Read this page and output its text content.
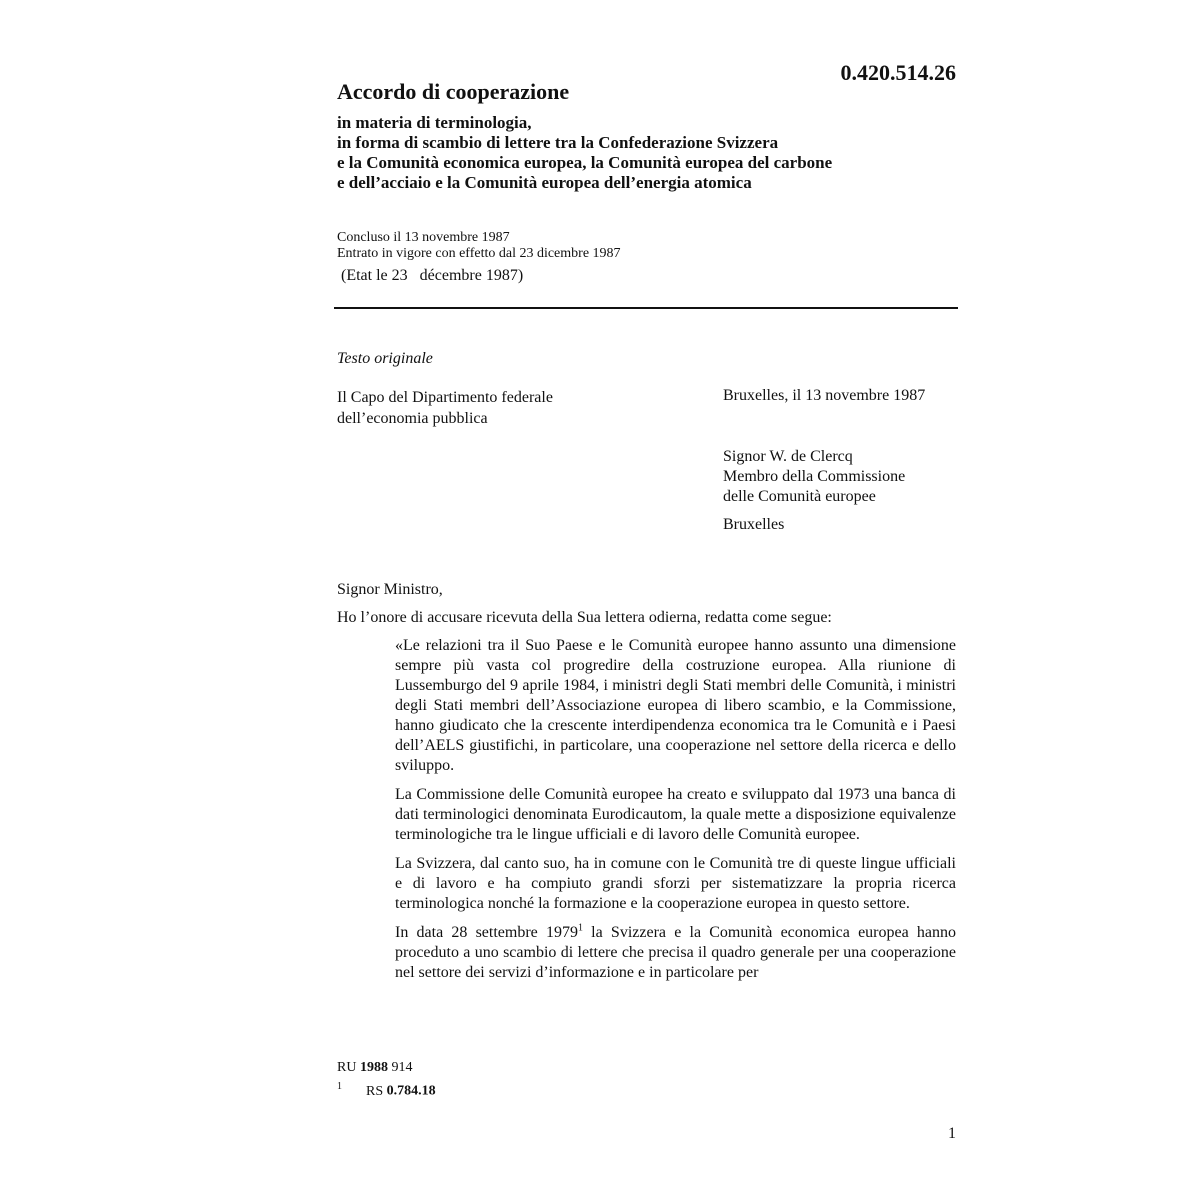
0.420.514.26
Accordo di cooperazione
in materia di terminologia,
in forma di scambio di lettere tra la Confederazione Svizzera
e la Comunità economica europea, la Comunità europea del carbone
e dell’acciaio e la Comunità europea dell’energia atomica
Concluso il 13 novembre 1987
Entrato in vigore con effetto dal 23 dicembre 1987
(Etat le 23   décembre 1987)
Testo originale
Il Capo del Dipartimento federale
dell’economia pubblica
Bruxelles, il 13 novembre 1987
Signor W. de Clercq
Membro della Commissione
delle Comunità europee
Bruxelles
Signor Ministro,
Ho l’onore di accusare ricevuta della Sua lettera odierna, redatta come segue:

«Le relazioni tra il Suo Paese e le Comunità europee hanno assunto una dimensione sempre più vasta col progredire della costruzione europea. Alla riunione di Lussemburgo del 9 aprile 1984, i ministri degli Stati membri delle Comunità, i ministri degli Stati membri dell’Associazione europea di libero scambio, e la Commissione, hanno giudicato che la crescente interdipendenza economica tra le Comunità e i Paesi dell’AELS giustifichi, in particolare, una cooperazione nel settore della ricerca e dello sviluppo.

La Commissione delle Comunità europee ha creato e sviluppato dal 1973 una banca di dati terminologici denominata Eurodicautom, la quale mette a disposizione equivalenze terminologiche tra le lingue ufficiali e di lavoro delle Comunità europee.

La Svizzera, dal canto suo, ha in comune con le Comunità tre di queste lingue ufficiali e di lavoro e ha compiuto grandi sforzi per sistematizzare la propria ricerca terminologica nonché la formazione e la cooperazione europea in questo settore.

In data 28 settembre 1979$^1$ la Svizzera e la Comunità economica europea hanno proceduto a uno scambio di lettere che precisa il quadro generale per una cooperazione nel settore dei servizi d’informazione e in particolare per

RU 1988 914
$^1$ RS 0.784.18
1
